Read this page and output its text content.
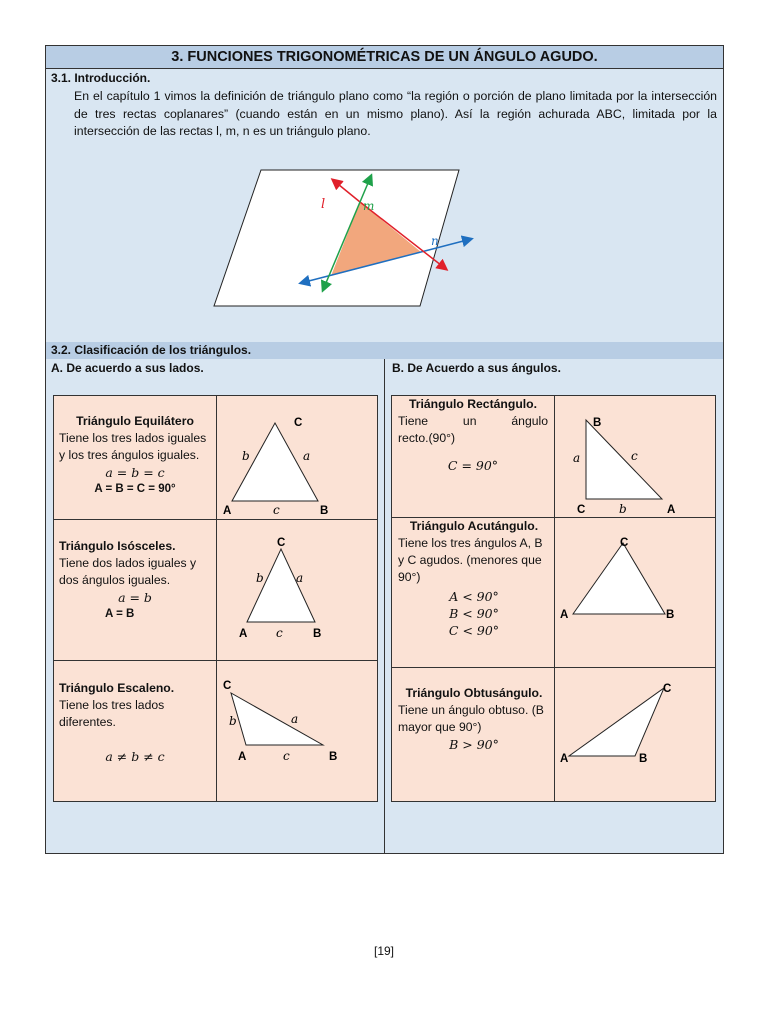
3. FUNCIONES TRIGONOMÉTRICAS DE UN ÁNGULO AGUDO.
3.1. Introducción.
En el capítulo 1 vimos la definición de triángulo plano como “la región o porción de plano limitada por la intersección de tres rectas coplanares” (cuando están en un mismo plano). Así la región achurada ABC, limitada por la intersección de las rectas l, m, n es un triángulo plano.
l	m
n
3.2. Clasificación de los triángulos.
A. De acuerdo a sus lados.	B. De Acuerdo a sus ángulos.
Triángulo Equilátero
Tiene los tres lados iguales y los tres ángulos iguales.
a = b = c
A = B = C = 90°
C
A	B
b	a
c
Triángulo Isósceles.
Tiene dos lados iguales y dos ángulos iguales.
a = b
A = B
C
A	B
b	a
c
Triángulo Escaleno.
Tiene los tres lados diferentes.
a ≠ b ≠ c
C
A	B
b	a
c
Triángulo Rectángulo.
Tiene un ángulo
recto.(90°)
C = 90°
B
C	A
a	c
b
Triángulo Acutángulo.
Tiene los tres ángulos A, B y C agudos. (menores que 90°)
A < 90°
B < 90°
C < 90°
C
A	B
Triángulo Obtusángulo.
Tiene un ángulo obtuso. (B mayor que 90°)
B > 90°
C
A	B
[19]
